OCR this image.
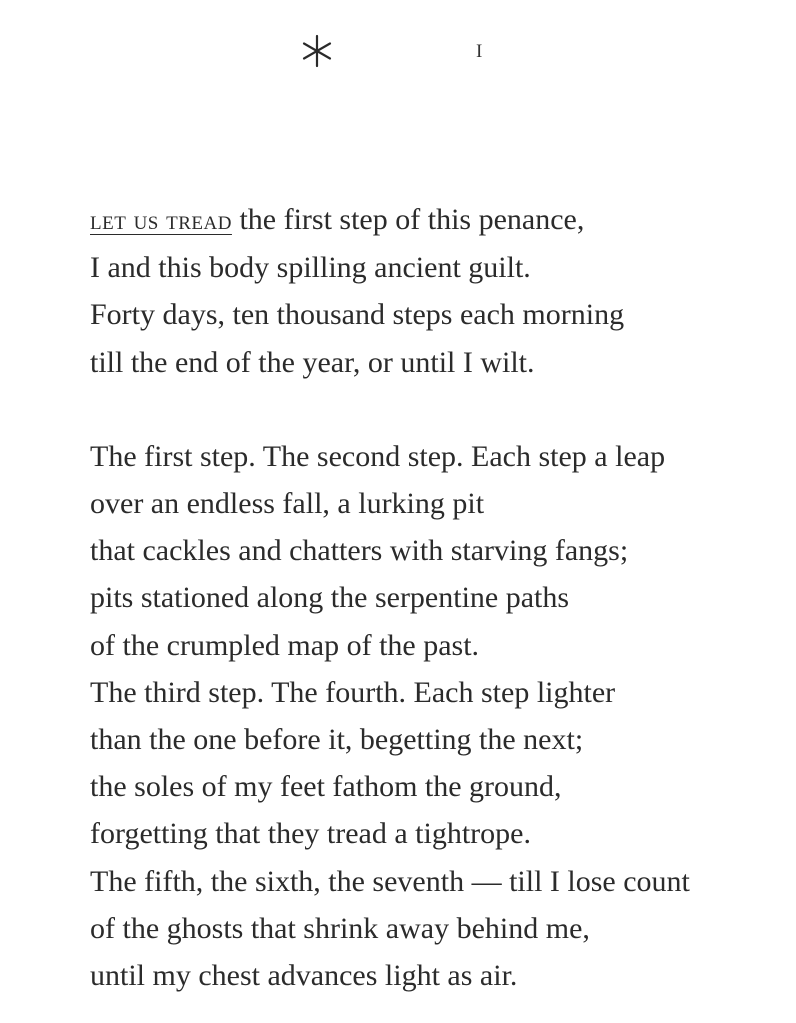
I

let us tread the first step of this penance,
I and this body spilling ancient guilt.
Forty days, ten thousand steps each morning
till the end of the year, or until I wilt.

The first step. The second step. Each step a leap
over an endless fall, a lurking pit
that cackles and chatters with starving fangs;
pits stationed along the serpentine paths
of the crumpled map of the past.
The third step. The fourth. Each step lighter
than the one before it, begetting the next;
the soles of my feet fathom the ground,
forgetting that they tread a tightrope.
The fifth, the sixth, the seventh — till I lose count
of the ghosts that shrink away behind me,
until my chest advances light as air.
